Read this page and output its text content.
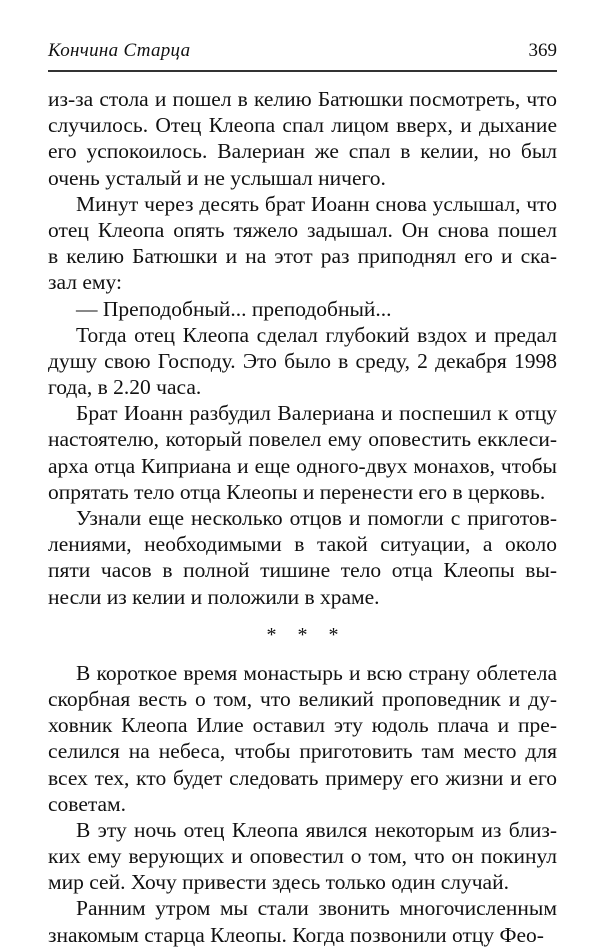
Кончина Старца	369
из-за стола и пошел в келию Батюшки посмотреть, что
случилось. Отец Клеопа спал лицом вверх, и дыхание
его успокоилось. Валериан же спал в келии, но был
очень усталый и не услышал ничего.
Минут через десять брат Иоанн снова услышал, что
отец Клеопа опять тяжело задышал. Он снова пошел
в келию Батюшки и на этот раз приподнял его и ска-
зал ему:
— Преподобный... преподобный...
Тогда отец Клеопа сделал глубокий вздох и предал
душу свою Господу. Это было в среду, 2 декабря 1998
года, в 2.20 часа.
Брат Иоанн разбудил Валериана и поспешил к отцу
настоятелю, который повелел ему оповестить екклеси-
арха отца Киприана и еще одного-двух монахов, чтобы
опрятать тело отца Клеопы и перенести его в церковь.
Узнали еще несколько отцов и помогли с приготов-
лениями, необходимыми в такой ситуации, а около
пяти часов в полной тишине тело отца Клеопы вы-
несли из келии и положили в храме.
* * *
В короткое время монастырь и всю страну облетела
скорбная весть о том, что великий проповедник и ду-
ховник Клеопа Илие оставил эту юдоль плача и пре-
селился на небеса, чтобы приготовить там место для
всех тех, кто будет следовать примеру его жизни и его
советам.
В эту ночь отец Клеопа явился некоторым из близ-
ких ему верующих и оповестил о том, что он покинул
мир сей. Хочу привести здесь только один случай.
Ранним утром мы стали звонить многочисленным
знакомым старца Клеопы. Когда позвонили отцу Фео-
